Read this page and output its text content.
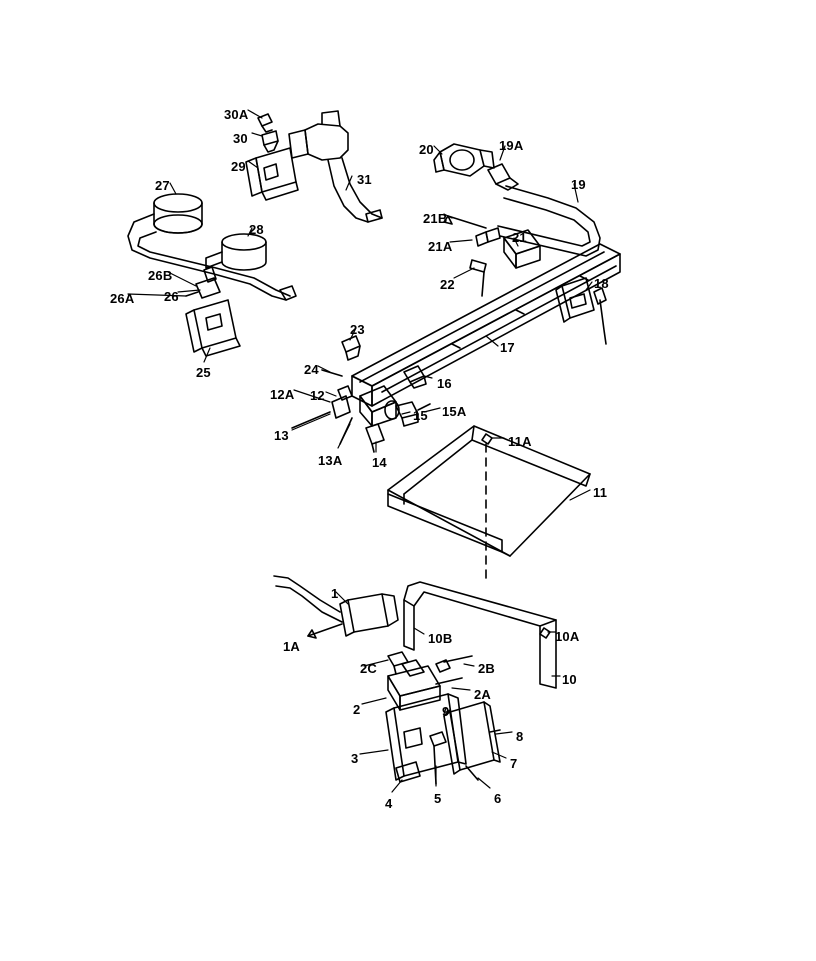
30A
30
29
31
20	19A
19
27
28
21B
21A
21
22	18
26B
26A 26
25
23
17
24
16
12A 12
15 15A
13
13A 14
11A
11
1
10B	10A
1A
2C	2B
10
2A
2	9
8
3	7
4	5	6
